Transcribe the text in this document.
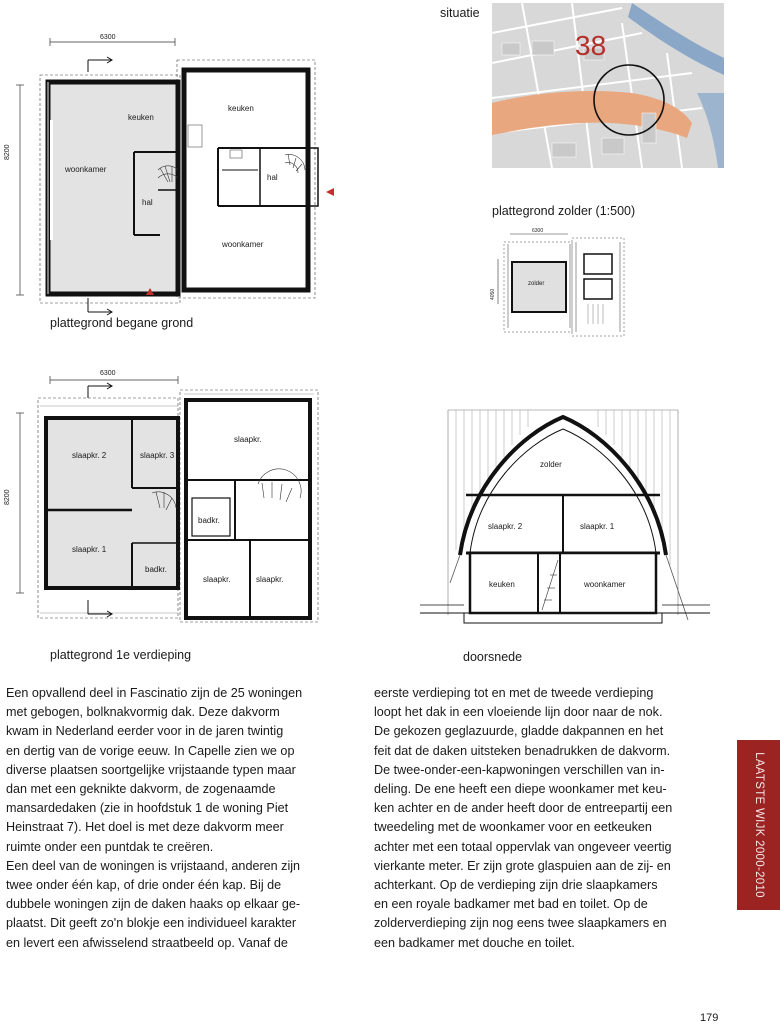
6300
8200
keuken
woonkamer
hal
keuken
hal
woonkamer
plattegrond begane grond
situatie
38
plattegrond zolder (1:500)
6300
4050
zolder
6300
8200
slaapkr. 2	slaapkr. 3
slaapkr.
badkr.
slaapkr. 1
badkr.
slaapkr.	slaapkr.
plattegrond 1e verdieping
zolder
slaapkr. 2	slaapkr. 1
keuken	woonkamer
doorsnede

Een opvallend deel in Fascinatio zijn de 25 woningen

met gebogen, bolknakvormig dak. Deze dakvorm

kwam in Nederland eerder voor in de jaren twintig

en dertig van de vorige eeuw. In Capelle zien we op

diverse plaatsen soortgelijke vrijstaande typen maar

dan met een geknikte dakvorm, de zogenaamde

mansardedaken (zie in hoofdstuk 1 de woning Piet

Heinstraat 7). Het doel is met deze dakvorm meer

ruimte onder een puntdak te creëren.

Een deel van de woningen is vrijstaand, anderen zijn

twee onder één kap, of drie onder één kap. Bij de

dubbele woningen zijn de daken haaks op elkaar ge-

plaatst. Dit geeft zo'n blokje een individueel karakter

en levert een afwisselend straatbeeld op. Vanaf de

eerste verdieping tot en met de tweede verdieping

loopt het dak in een vloeiende lijn door naar de nok.

De gekozen geglazuurde, gladde dakpannen en het

feit dat de daken uitsteken benadrukken de dakvorm.

De twee-onder-een-kapwoningen verschillen van in-

deling. De ene heeft een diepe woonkamer met keu-

ken achter en de ander heeft door de entreepartij een

tweedeling met de woonkamer voor en eetkeuken

achter met een totaal oppervlak van ongeveer veertig

vierkante meter. Er zijn grote glaspuien aan de zij- en

achterkant. Op de verdieping zijn drie slaapkamers

en een royale badkamer met bad en toilet. Op de

zolderverdieping zijn nog eens twee slaapkamers en

een badkamer met douche en toilet.

LAATSTE WIJK 2000-2010
179
